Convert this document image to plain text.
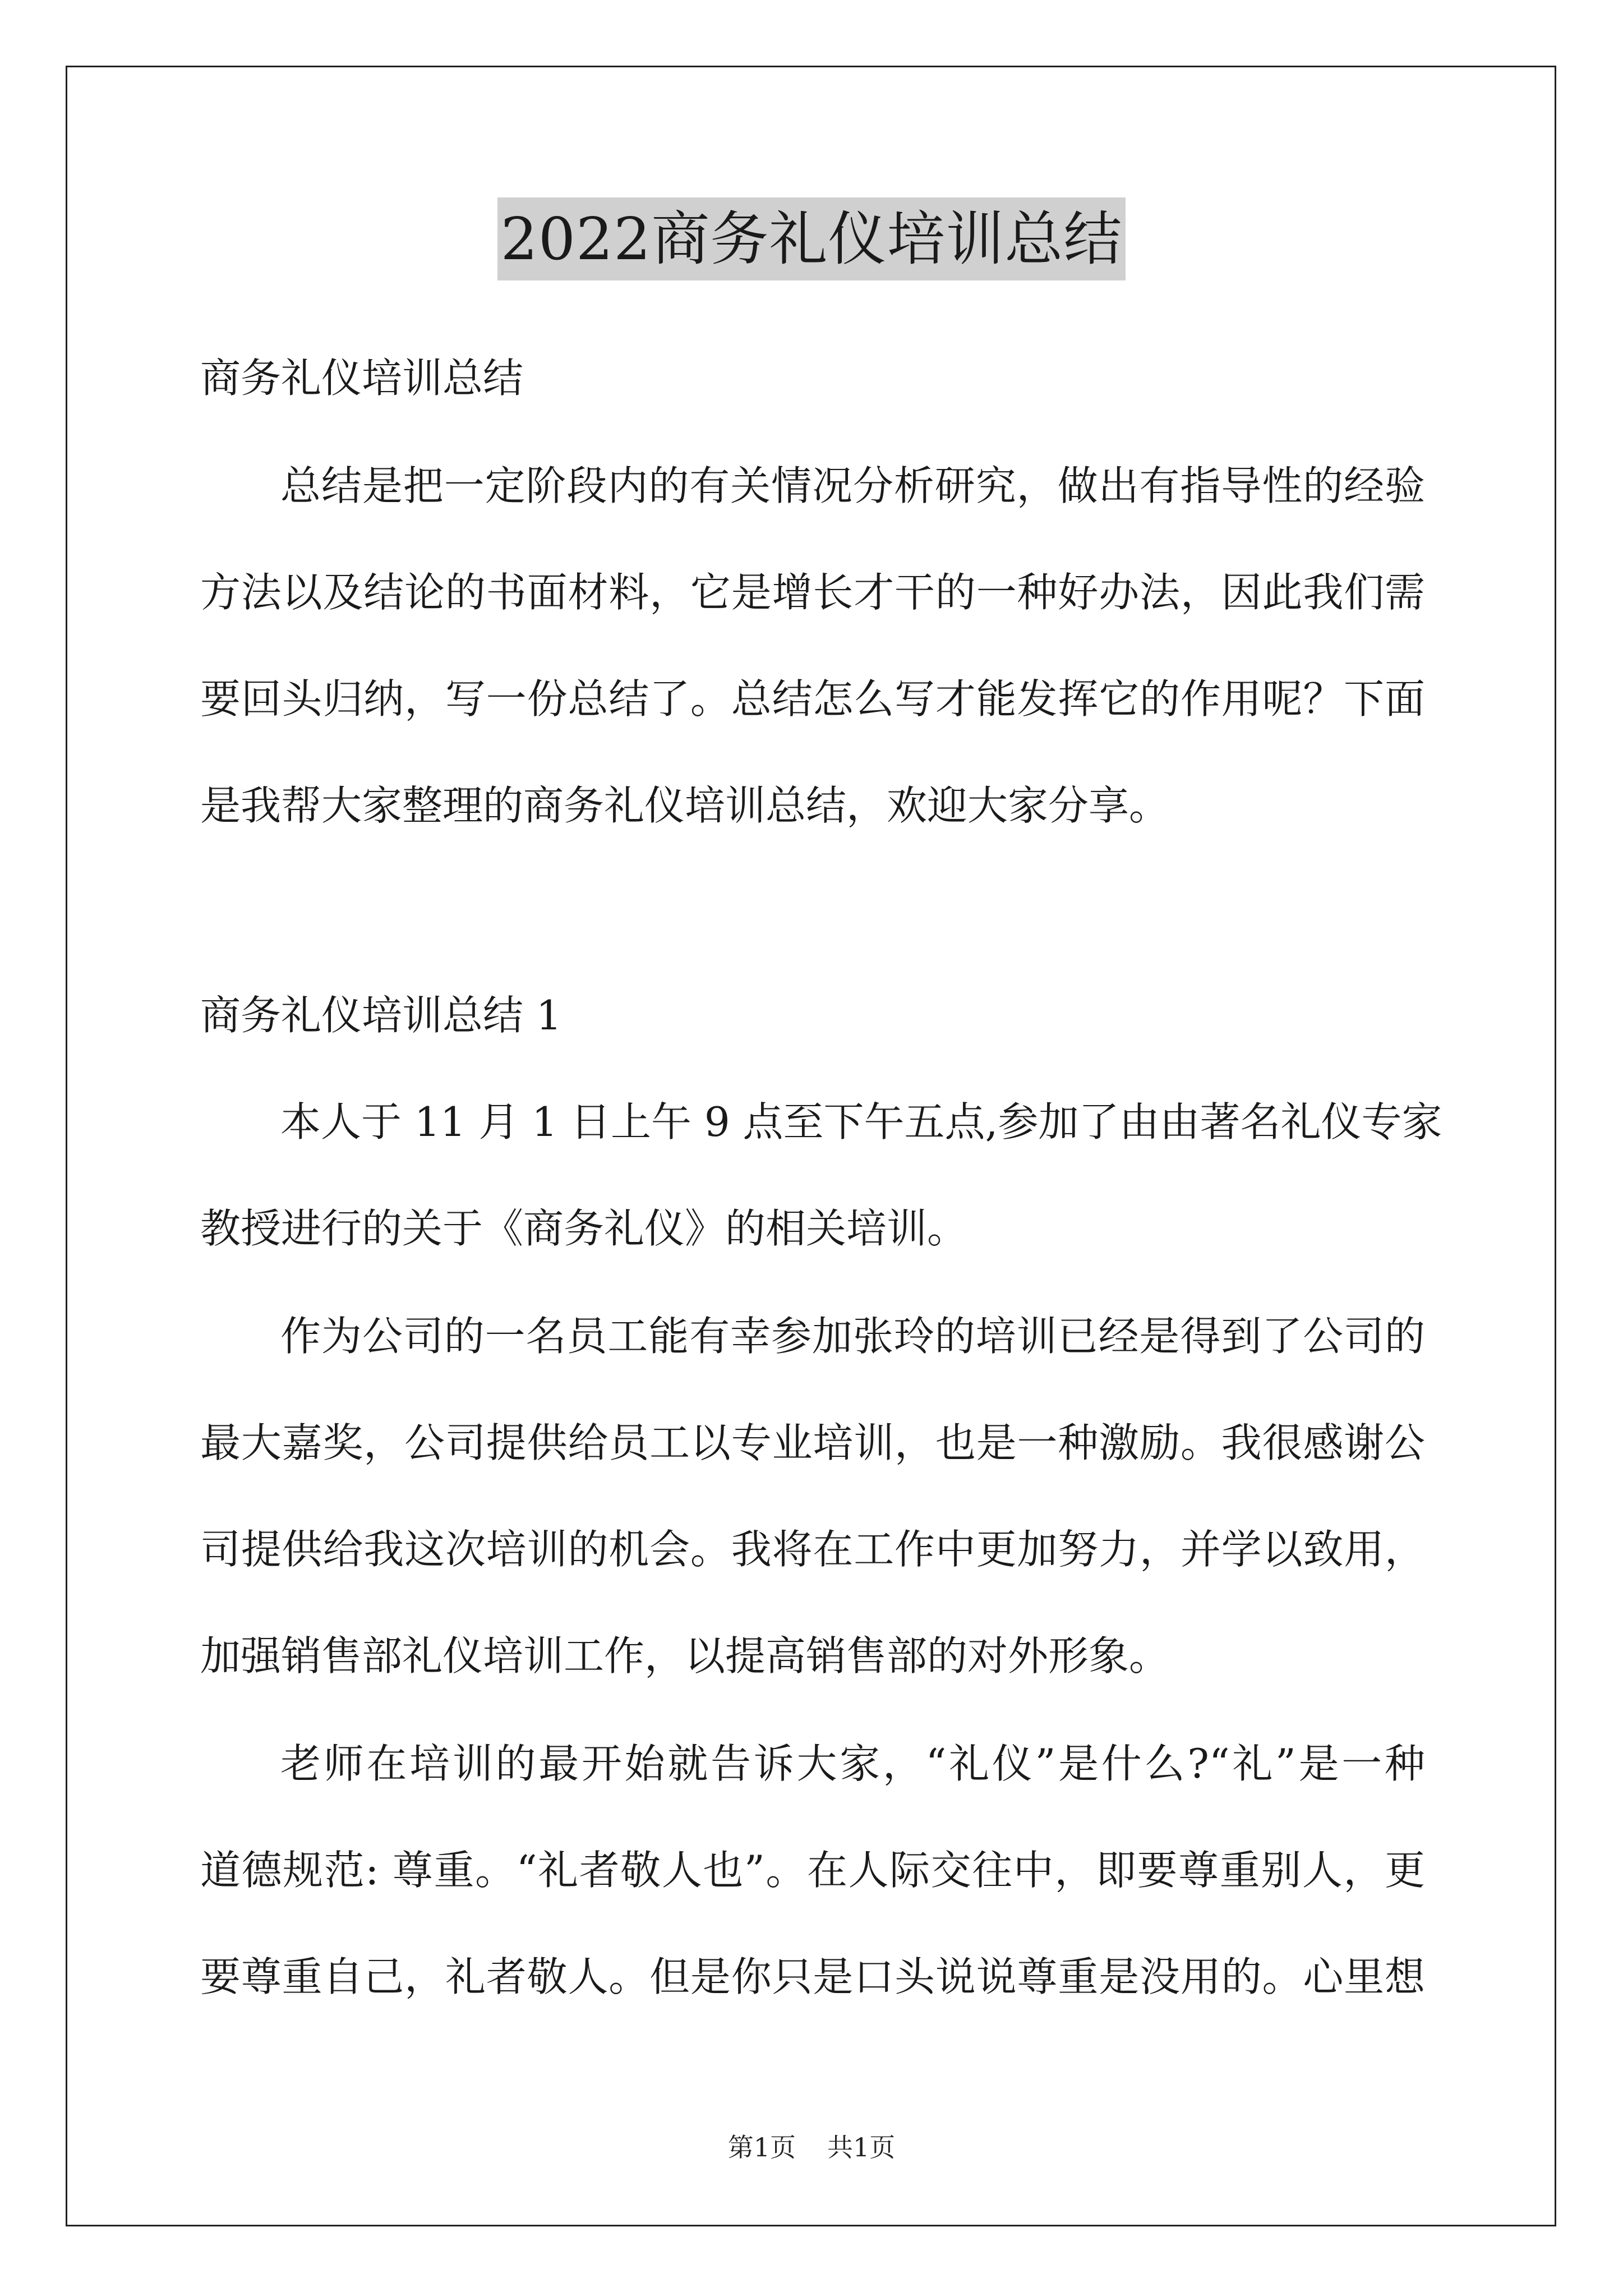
2022商务礼仪培训总结
商务礼仪培训总结
总结是把一定阶段内的有关情况分析研究，做出有指导性的经验
方法以及结论的书面材料，它是增长才干的一种好办法，因此我们需
要回头归纳，写一份总结了。总结怎么写才能发挥它的作用呢？下面
是我帮大家整理的商务礼仪培训总结，欢迎大家分享。
商务礼仪培训总结 1
本人于 11 月 1 日上午 9 点至下午五点,参加了由由著名礼仪专家
教授进行的关于《商务礼仪》的相关培训。
作为公司的一名员工能有幸参加张玲的培训已经是得到了公司的
最大嘉奖，公司提供给员工以专业培训，也是一种激励。我很感谢公
司提供给我这次培训的机会。我将在工作中更加努力，并学以致用，
加强销售部礼仪培训工作，以提高销售部的对外形象。
老师在培训的最开始就告诉大家，“礼仪”是什么?“礼”是一种
道德规范: 尊重。“礼者敬人也”。在人际交往中，即要尊重别人，更
要尊重自己，礼者敬人。但是你只是口头说说尊重是没用的。心里想
第1页 共1页
